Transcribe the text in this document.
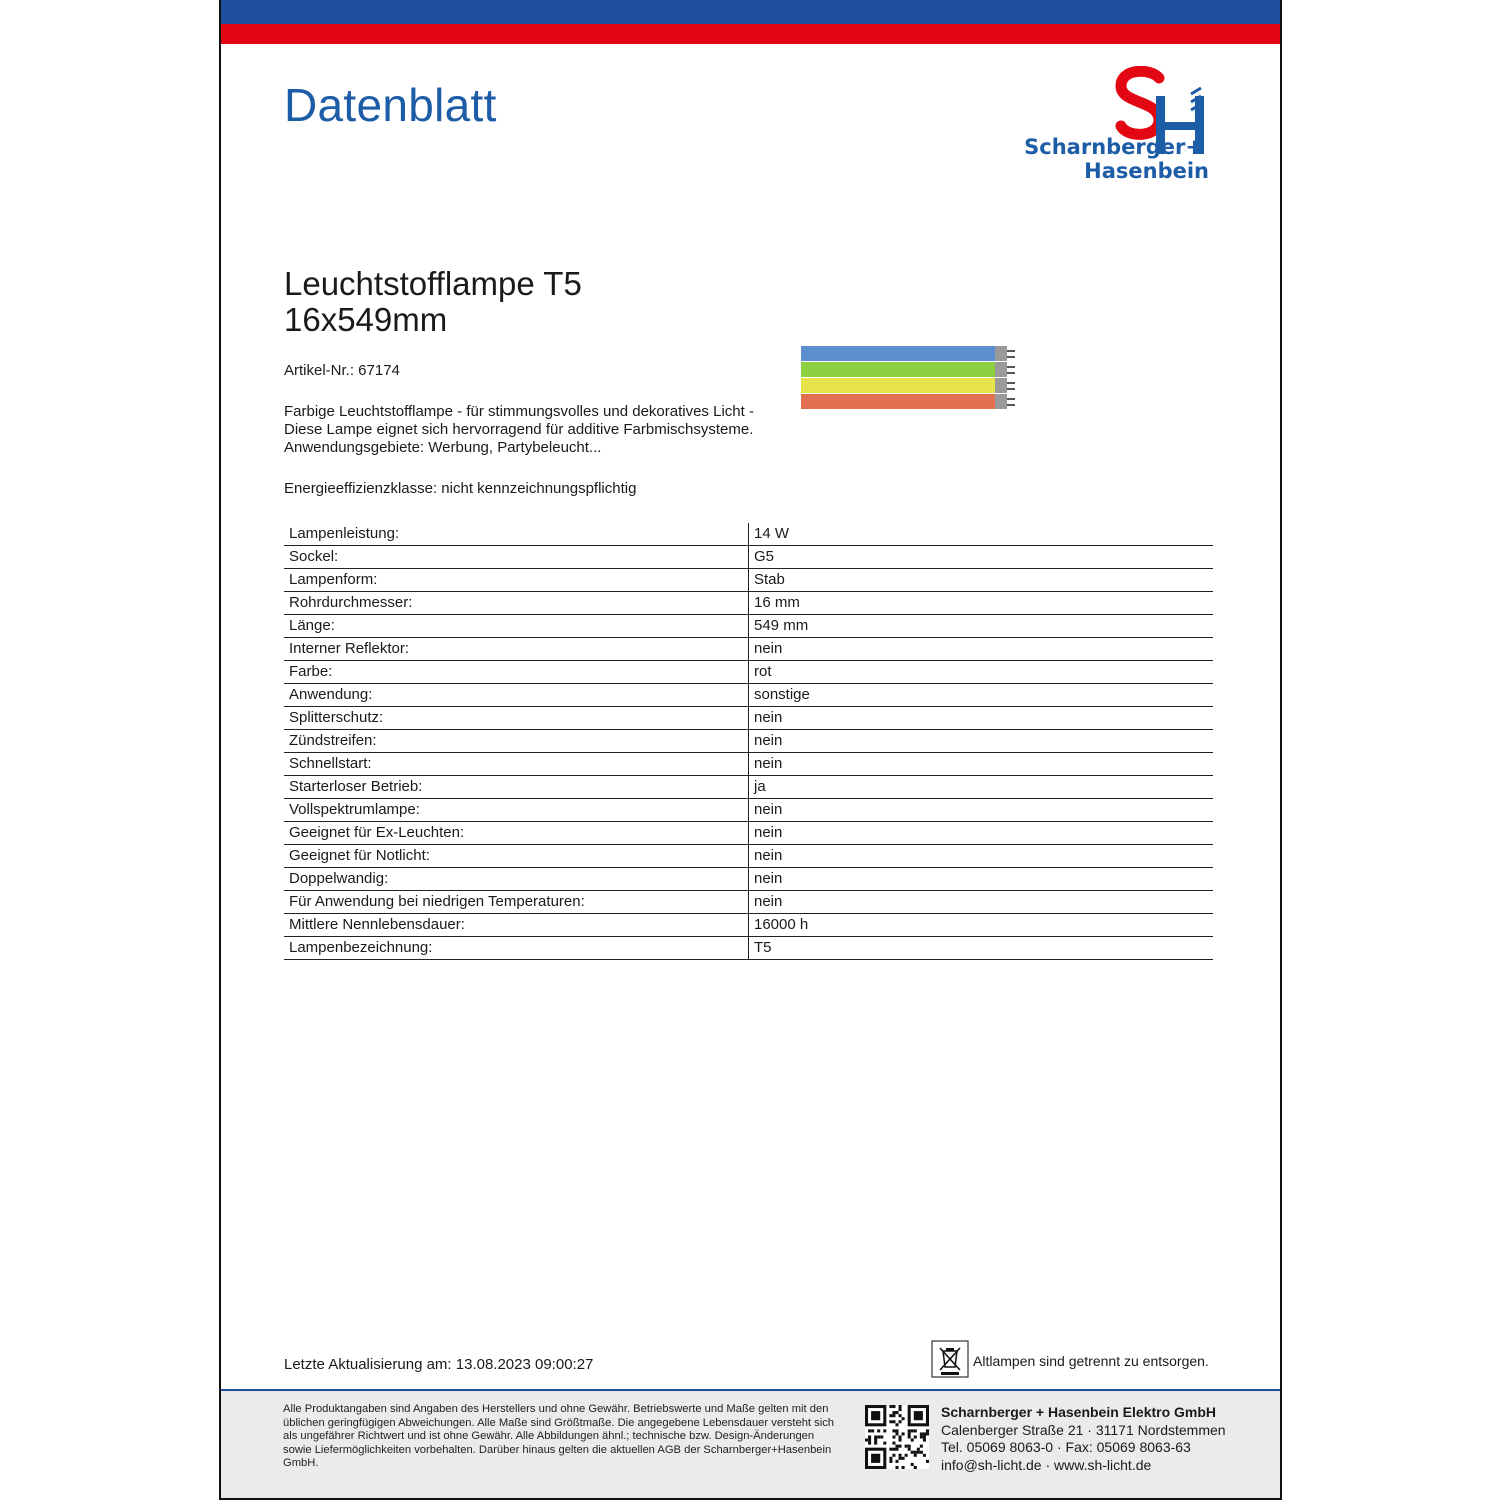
Datenblatt
Scharnberger+
Hasenbein
Leuchtstofflampe T5
16x549mm
Artikel-Nr.: 67174
Farbige Leuchtstofflampe - für stimmungsvolles und dekoratives Licht - Diese Lampe eignet sich hervorragend für additive Farbmischsysteme. Anwendungsgebiete: Werbung, Partybeleucht...
Energieeffizienzklasse: nicht kennzeichnungspflichtig
Lampenleistung:	14 W
Sockel:	G5
Lampenform:	Stab
Rohrdurchmesser:	16 mm
Länge:	549 mm
Interner Reflektor:	nein
Farbe:	rot
Anwendung:	sonstige
Splitterschutz:	nein
Zündstreifen:	nein
Schnellstart:	nein
Starterloser Betrieb:	ja
Vollspektrumlampe:	nein
Geeignet für Ex-Leuchten:	nein
Geeignet für Notlicht:	nein
Doppelwandig:	nein
Für Anwendung bei niedrigen Temperaturen:	nein
Mittlere Nennlebensdauer:	16000 h
Lampenbezeichnung:	T5
Letzte Aktualisierung am: 13.08.2023 09:00:27	Altlampen sind getrennt zu entsorgen.
Alle Produktangaben sind Angaben des Herstellers und ohne Gewähr. Betriebswerte und Maße gelten mit den üblichen geringfügigen Abweichungen. Alle Maße sind Größtmaße. Die angegebene Lebensdauer versteht sich als ungefährer Richtwert und ist ohne Gewähr. Alle Abbildungen ähnl.; technische bzw. Design-Änderungen sowie Liefermöglichkeiten vorbehalten. Darüber hinaus gelten die aktuellen AGB der Scharnberger+Hasenbein GmbH.
Scharnberger + Hasenbein Elektro GmbH
Calenberger Straße 21 · 31171 Nordstemmen
Tel. 05069 8063-0 · Fax: 05069 8063-63
info@sh-licht.de · www.sh-licht.de
